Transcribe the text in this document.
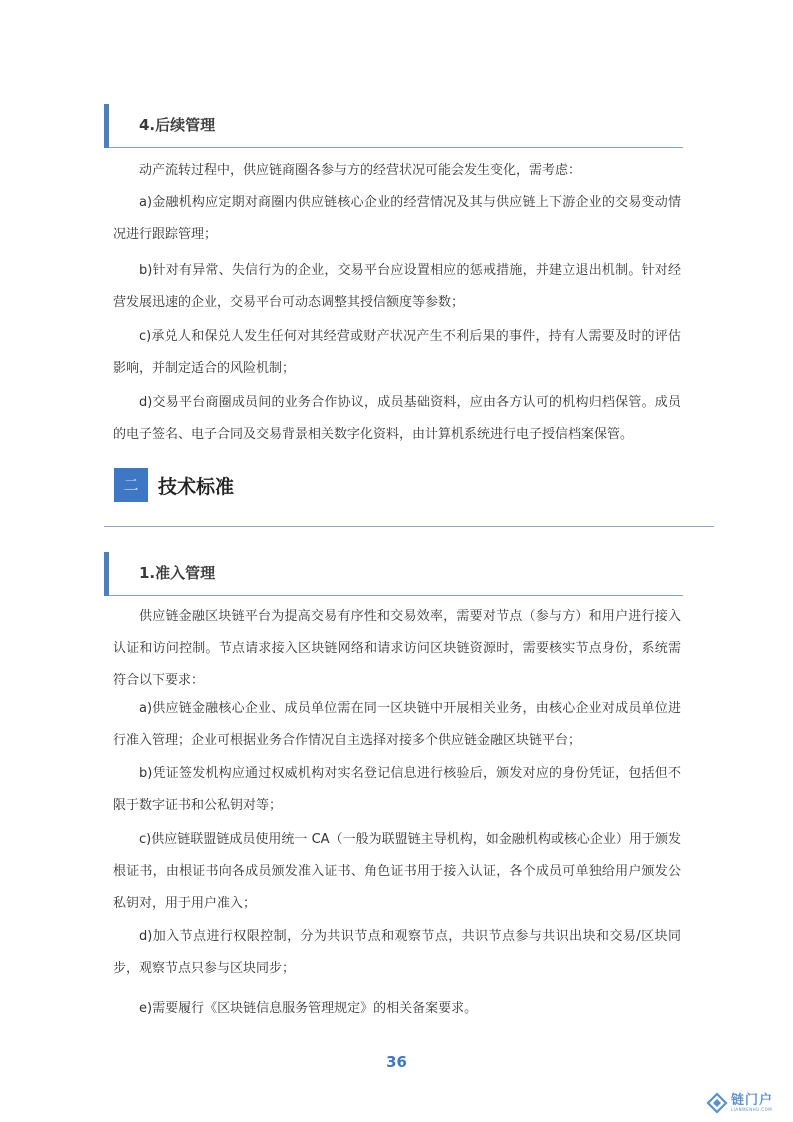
4.后续管理

动产流转过程中，供应链商圈各参与方的经营状况可能会发生变化，需考虑：

a)金融机构应定期对商圈内供应链核心企业的经营情况及其与供应链上下游企业的交易变动情况进行跟踪管理；

b)针对有异常、失信行为的企业，交易平台应设置相应的惩戒措施，并建立退出机制。针对经营发展迅速的企业，交易平台可动态调整其授信额度等参数；

c)承兑人和保兑人发生任何对其经营或财产状况产生不利后果的事件，持有人需要及时的评估影响，并制定适合的风险机制；

d)交易平台商圈成员间的业务合作协议，成员基础资料，应由各方认可的机构归档保管。成员的电子签名、电子合同及交易背景相关数字化资料，由计算机系统进行电子授信档案保管。

二	技术标准
1.准入管理

供应链金融区块链平台为提高交易有序性和交易效率，需要对节点（参与方）和用户进行接入认证和访问控制。节点请求接入区块链网络和请求访问区块链资源时，需要核实节点身份，系统需符合以下要求：

a)供应链金融核心企业、成员单位需在同一区块链中开展相关业务，由核心企业对成员单位进行准入管理；企业可根据业务合作情况自主选择对接多个供应链金融区块链平台；

b)凭证签发机构应通过权威机构对实名登记信息进行核验后，颁发对应的身份凭证，包括但不限于数字证书和公私钥对等；

c)供应链联盟链成员使用统一 CA（一般为联盟链主导机构，如金融机构或核心企业）用于颁发根证书，由根证书向各成员颁发准入证书、角色证书用于接入认证，各个成员可单独给用户颁发公私钥对，用于用户准入；

d)加入节点进行权限控制，分为共识节点和观察节点，共识节点参与共识出块和交易/区块同步，观察节点只参与区块同步；

e)需要履行《区块链信息服务管理规定》的相关备案要求。

36
链门户
LIANMENHU.COM
